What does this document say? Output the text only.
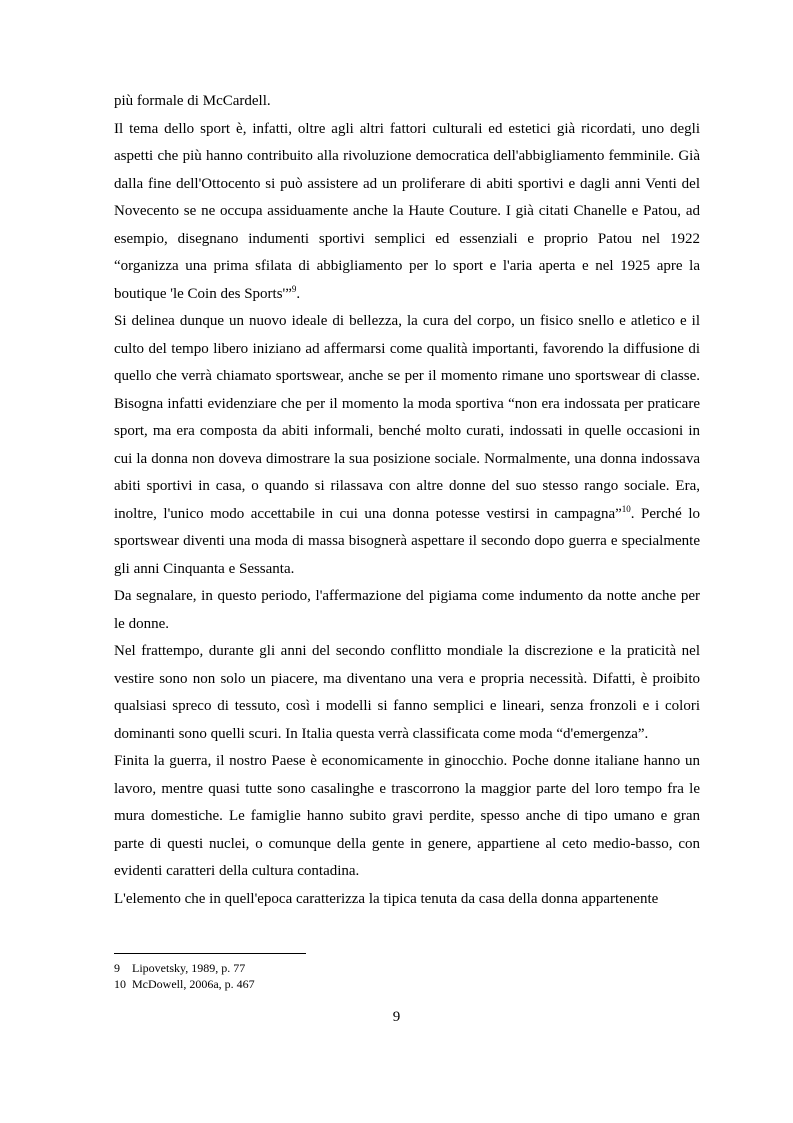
più formale di McCardell.

Il tema dello sport è, infatti, oltre agli altri fattori culturali ed estetici già ricordati, uno degli aspetti che più hanno contribuito alla rivoluzione democratica dell'abbigliamento femminile. Già dalla fine dell'Ottocento si può assistere ad un proliferare di abiti sportivi e dagli anni Venti del Novecento se ne occupa assiduamente anche la Haute Couture. I già citati Chanelle e Patou, ad esempio, disegnano indumenti sportivi semplici ed essenziali e proprio Patou nel 1922 “organizza una prima sfilata di abbigliamento per lo sport e l'aria aperta e nel 1925 apre la boutique 'le Coin des Sports'”$^9$.

Si delinea dunque un nuovo ideale di bellezza, la cura del corpo, un fisico snello e atletico e il culto del tempo libero iniziano ad affermarsi come qualità importanti, favorendo la diffusione di quello che verrà chiamato sportswear, anche se per il momento rimane uno sportswear di classe. Bisogna infatti evidenziare che per il momento la moda sportiva “non era indossata per praticare sport, ma era composta da abiti informali, benché molto curati, indossati in quelle occasioni in cui la donna non doveva dimostrare la sua posizione sociale. Normalmente, una donna indossava abiti sportivi in casa, o quando si rilassava con altre donne del suo stesso rango sociale. Era, inoltre, l'unico modo accettabile in cui una donna potesse vestirsi in campagna”$^{10}$. Perché lo sportswear diventi una moda di massa bisognerà aspettare il secondo dopo guerra e specialmente gli anni Cinquanta e Sessanta.

Da segnalare, in questo periodo, l'affermazione del pigiama come indumento da notte anche per le donne.

Nel frattempo, durante gli anni del secondo conflitto mondiale la discrezione e la praticità nel vestire sono non solo un piacere, ma diventano una vera e propria necessità. Difatti, è proibito qualsiasi spreco di tessuto, così i modelli si fanno semplici e lineari, senza fronzoli e i colori dominanti sono quelli scuri. In Italia questa verrà classificata come moda “d'emergenza”.

Finita la guerra, il nostro Paese è economicamente in ginocchio. Poche donne italiane hanno un lavoro, mentre quasi tutte sono casalinghe e trascorrono la maggior parte del loro tempo fra le mura domestiche. Le famiglie hanno subito gravi perdite, spesso anche di tipo umano e gran parte di questi nuclei, o comunque della gente in genere, appartiene al ceto medio-basso, con evidenti caratteri della cultura contadina.

L'elemento che in quell'epoca caratterizza la tipica tenuta da casa della donna appartenente

9 Lipovetsky, 1989, p. 77
10 McDowell, 2006a, p. 467
9
